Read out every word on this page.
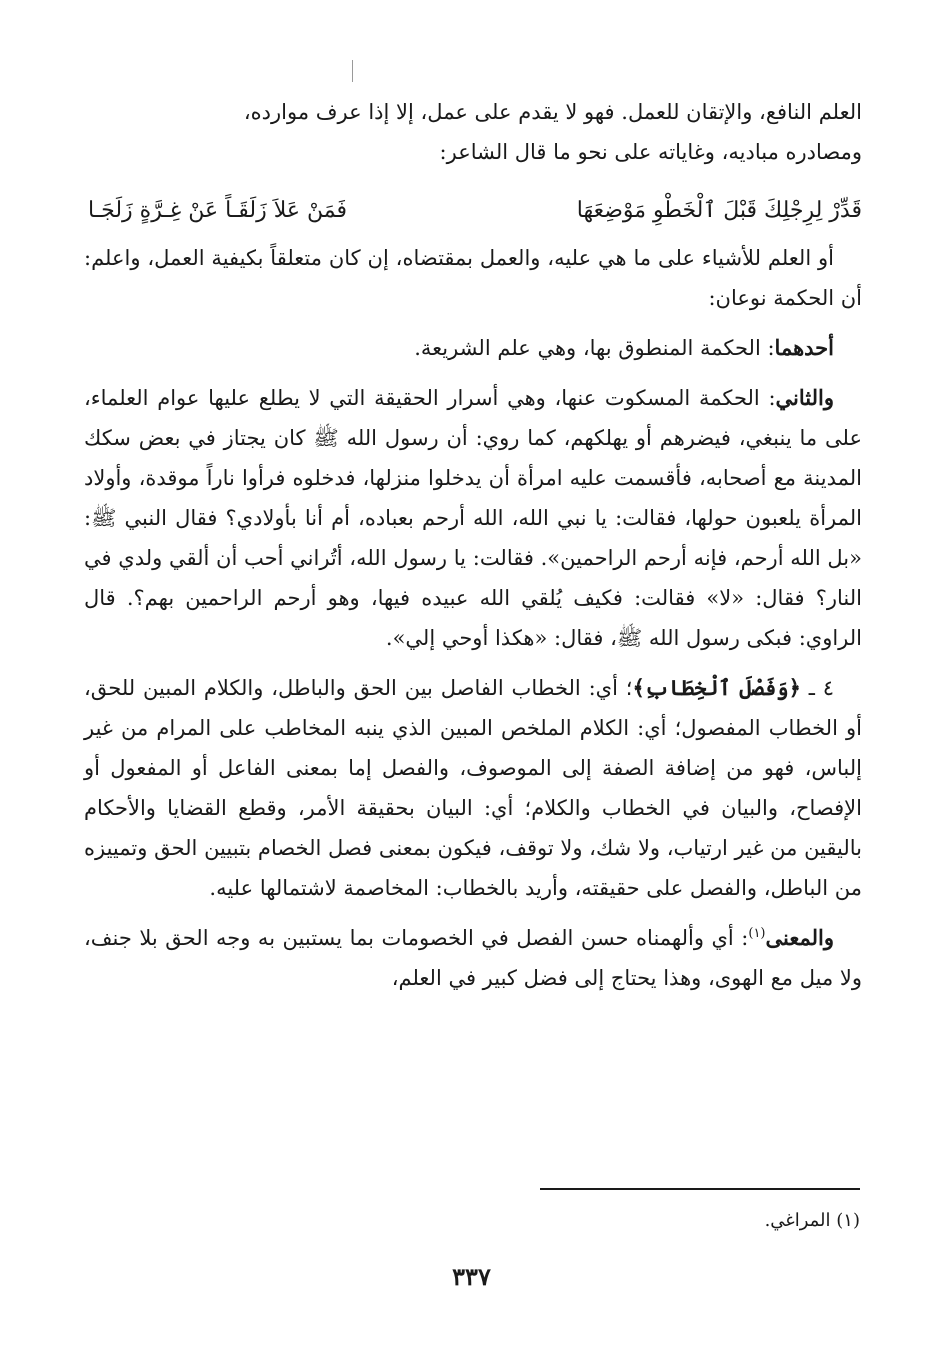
العلم النافع، والإتقان للعمل. فهو لا يقدم على عمل، إلا إذا عرف موارده،

ومصادره مباديه، وغاياته على نحو ما قال الشاعر:

قَدِّرْ لِرِجْلِكَ قَبْلَ ٱلْخَطْوِ مَوْضِعَهَا
فَمَنْ عَلاَ زَلَقَـاً عَنْ غِـرَّةٍ زَلَجَـا

أو العلم للأشياء على ما هي عليه، والعمل بمقتضاه، إن كان متعلقاً بكيفية العمل، واعلم: أن الحكمة نوعان:

أحدهما: الحكمة المنطوق بها، وهي علم الشريعة.

والثاني: الحكمة المسكوت عنها، وهي أسرار الحقيقة التي لا يطلع عليها عوام العلماء، على ما ينبغي، فيضرهم أو يهلكهم، كما روي: أن رسول الله ﷺ كان يجتاز في بعض سكك المدينة مع أصحابه، فأقسمت عليه امرأة أن يدخلوا منزلها، فدخلوه فرأوا ناراً موقدة، وأولاد المرأة يلعبون حولها، فقالت: يا نبي الله، الله أرحم بعباده، أم أنا بأولادي؟ فقال النبي ﷺ: «بل الله أرحم، فإنه أرحم الراحمين». فقالت: يا رسول الله، أتُراني أحب أن ألقي ولدي في النار؟ فقال: «لا» فقالت: فكيف يُلقي الله عبيده فيها، وهو أرحم الراحمين بهم؟. قال الراوي: فبكى رسول الله ﷺ، فقال: «هكذا أوحي إلي».

٤ ـ ﴿وَفَصْلَ ٱلْخِطَابِ﴾؛ أي: الخطاب الفاصل بين الحق والباطل، والكلام المبين للحق، أو الخطاب المفصول؛ أي: الكلام الملخص المبين الذي ينبه المخاطب على المرام من غير إلباس، فهو من إضافة الصفة إلى الموصوف، والفصل إما بمعنى الفاعل أو المفعول أو الإفصاح، والبيان في الخطاب والكلام؛ أي: البيان بحقيقة الأمر، وقطع القضايا والأحكام باليقين من غير ارتياب، ولا شك، ولا توقف، فيكون بمعنى فصل الخصام بتبيين الحق وتمييزه من الباطل، والفصل على حقيقته، وأريد بالخطاب: المخاصمة لاشتمالها عليه.

والمعنى$^{(١)}$: أي وألهمناه حسن الفصل في الخصومات بما يستبين به وجه الحق بلا جنف، ولا ميل مع الهوى، وهذا يحتاج إلى فضل كبير في العلم،

(١) المراغي.
٣٣٧
